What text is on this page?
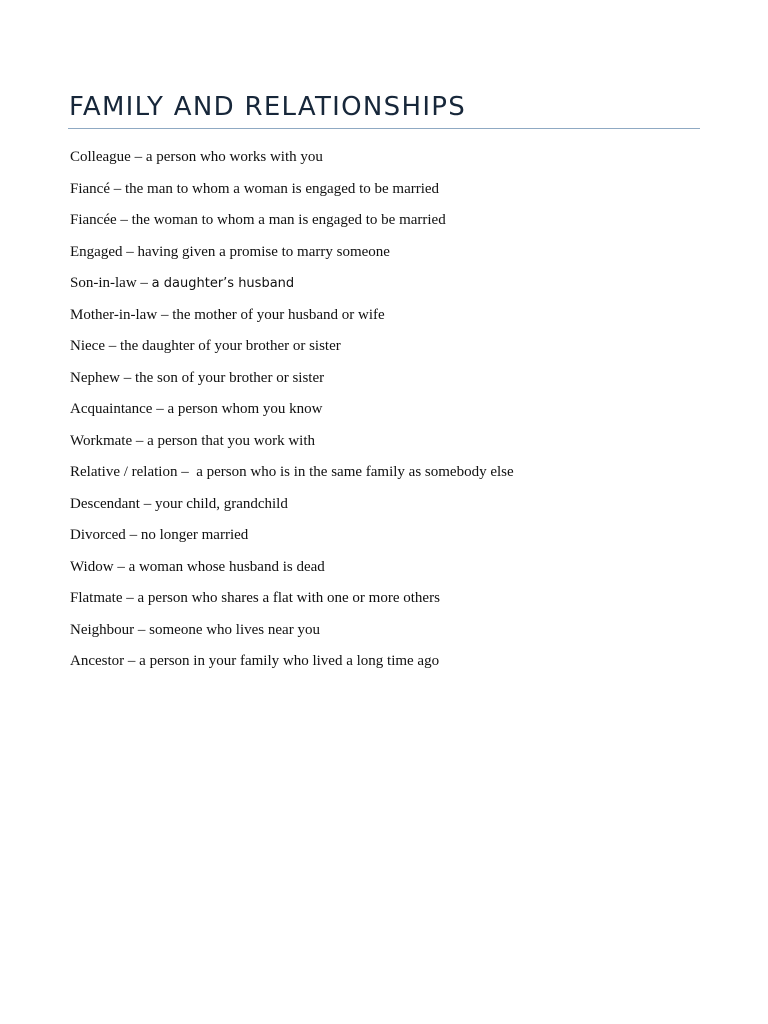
FAMILY AND RELATIONSHIPS
Colleague – a person who works with you
Fiancé – the man to whom a woman is engaged to be married
Fiancée – the woman to whom a man is engaged to be married
Engaged – having given a promise to marry someone
Son-in-law – a daughter’s husband
Mother-in-law – the mother of your husband or wife
Niece – the daughter of your brother or sister
Nephew – the son of your brother or sister
Acquaintance – a person whom you know
Workmate – a person that you work with
Relative / relation –  a person who is in the same family as somebody else
Descendant – your child, grandchild
Divorced – no longer married
Widow – a woman whose husband is dead
Flatmate – a person who shares a flat with one or more others
Neighbour – someone who lives near you
Ancestor – a person in your family who lived a long time ago
